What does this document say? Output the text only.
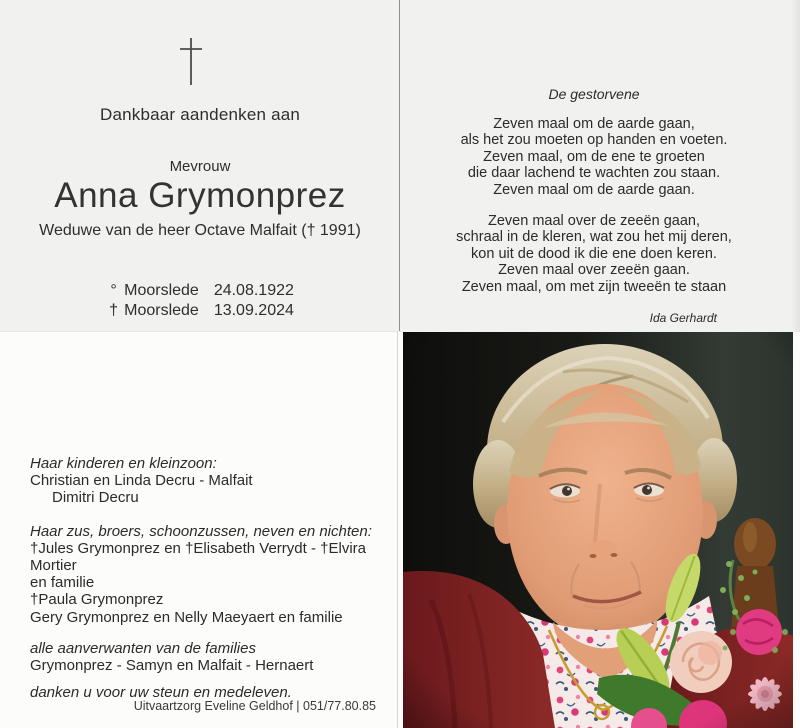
Dankbaar aandenken aan
Mevrouw
Anna Grymonprez
Weduwe van de heer Octave Malfait († 1991)
° Moorslede 24.08.1922
† Moorslede 13.09.2024
De gestorvene
Zeven maal om de aarde gaan,
als het zou moeten op handen en voeten.
Zeven maal, om de ene te groeten
die daar lachend te wachten zou staan.
Zeven maal om de aarde gaan.
Zeven maal over de zeeën gaan,
schraal in de kleren, wat zou het mij deren,
kon uit de dood ik die ene doen keren.
Zeven maal over zeeën gaan.
Zeven maal, om met zijn tweeën te staan
Ida Gerhardt
Haar kinderen en kleinzoon:
Christian en Linda Decru - Malfait
Dimitri Decru
Haar zus, broers, schoonzussen, neven en nichten:
†Jules Grymonprez en †Elisabeth Verrydt - †Elvira Mortier
en familie
†Paula Grymonprez
Gery Grymonprez en Nelly Maeyaert en familie
alle aanverwanten van de families
Grymonprez - Samyn en Malfait - Hernaert
danken u voor uw steun en medeleven.
Uitvaartzorg Eveline Geldhof | 051/77.80.85
